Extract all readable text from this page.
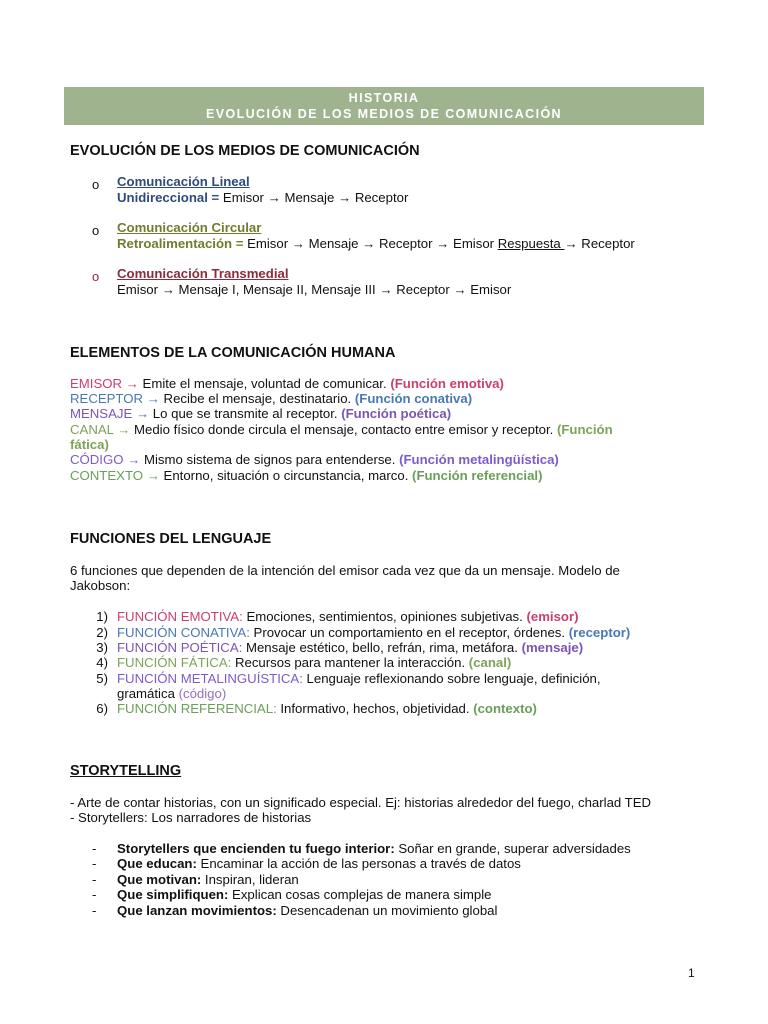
HISTORIA
EVOLUCIÓN DE LOS MEDIOS DE COMUNICACIÓN
EVOLUCIÓN DE LOS MEDIOS DE COMUNICACIÓN
o Comunicación Lineal
Unidireccional = Emisor → Mensaje → Receptor
o Comunicación Circular
Retroalimentación = Emisor → Mensaje → Receptor → Emisor Respuesta → Receptor
o Comunicación Transmedial
Emisor → Mensaje I, Mensaje II, Mensaje III → Receptor → Emisor
ELEMENTOS DE LA COMUNICACIÓN HUMANA
EMISOR → Emite el mensaje, voluntad de comunicar. (Función emotiva)
RECEPTOR → Recibe el mensaje, destinatario. (Función conativa)
MENSAJE → Lo que se transmite al receptor. (Función poética)
CANAL → Medio físico donde circula el mensaje, contacto entre emisor y receptor. (Función
fática)
CÓDIGO → Mismo sistema de signos para entenderse. (Función metalingüística)
CONTEXTO → Entorno, situación o circunstancia, marco. (Función referencial)
FUNCIONES DEL LENGUAJE
6 funciones que dependen de la intención del emisor cada vez que da un mensaje. Modelo de
Jakobson:
1) FUNCIÓN EMOTIVA: Emociones, sentimientos, opiniones subjetivas. (emisor)
2) FUNCIÓN CONATIVA: Provocar un comportamiento en el receptor, órdenes. (receptor)
3) FUNCIÓN POÉTICA: Mensaje estético, bello, refrán, rima, metáfora. (mensaje)
4) FUNCIÓN FÁTICA: Recursos para mantener la interacción. (canal)
5) FUNCIÓN METALINGUÍSTICA: Lenguaje reflexionando sobre lenguaje, definición,
gramática (código)
6) FUNCIÓN REFERENCIAL: Informativo, hechos, objetividad. (contexto)
STORYTELLING
- Arte de contar historias, con un significado especial. Ej: historias alrededor del fuego, charlad TED
- Storytellers: Los narradores de historias
- Storytellers que encienden tu fuego interior: Soñar en grande, superar adversidades
- Que educan: Encaminar la acción de las personas a través de datos
- Que motivan: Inspiran, lideran
- Que simplifiquen: Explican cosas complejas de manera simple
- Que lanzan movimientos: Desencadenan un movimiento global
1
